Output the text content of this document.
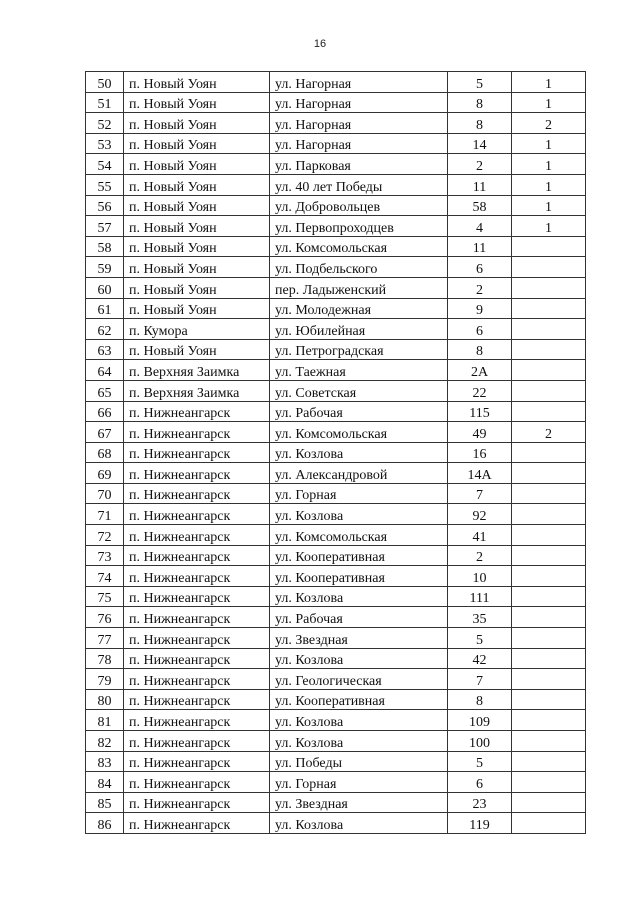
16
50	п. Новый Уоян	ул. Нагорная	5	1
51	п. Новый Уоян	ул. Нагорная	8	1
52	п. Новый Уоян	ул. Нагорная	8	2
53	п. Новый Уоян	ул. Нагорная	14	1
54	п. Новый Уоян	ул. Парковая	2	1
55	п. Новый Уоян	ул. 40 лет Победы	11	1
56	п. Новый Уоян	ул. Добровольцев	58	1
57	п. Новый Уоян	ул. Первопроходцев	4	1
58	п. Новый Уоян	ул. Комсомольская	11	
59	п. Новый Уоян	ул. Подбельского	6	
60	п. Новый Уоян	пер. Ладыженский	2	
61	п. Новый Уоян	ул. Молодежная	9	
62	п. Кумора	ул. Юбилейная	6	
63	п. Новый Уоян	ул. Петроградская	8	
64	п. Верхняя Заимка	ул. Таежная	2А	
65	п. Верхняя Заимка	ул. Советская	22	
66	п. Нижнеангарск	ул. Рабочая	115	
67	п. Нижнеангарск	ул. Комсомольская	49	2
68	п. Нижнеангарск	ул. Козлова	16	
69	п. Нижнеангарск	ул. Александровой	14А	
70	п. Нижнеангарск	ул. Горная	7	
71	п. Нижнеангарск	ул. Козлова	92	
72	п. Нижнеангарск	ул. Комсомольская	41	
73	п. Нижнеангарск	ул. Кооперативная	2	
74	п. Нижнеангарск	ул. Кооперативная	10	
75	п. Нижнеангарск	ул. Козлова	111	
76	п. Нижнеангарск	ул. Рабочая	35	
77	п. Нижнеангарск	ул. Звездная	5	
78	п. Нижнеангарск	ул. Козлова	42	
79	п. Нижнеангарск	ул. Геологическая	7	
80	п. Нижнеангарск	ул. Кооперативная	8	
81	п. Нижнеангарск	ул. Козлова	109	
82	п. Нижнеангарск	ул. Козлова	100	
83	п. Нижнеангарск	ул. Победы	5	
84	п. Нижнеангарск	ул. Горная	6	
85	п. Нижнеангарск	ул. Звездная	23	
86	п. Нижнеангарск	ул. Козлова	119	
